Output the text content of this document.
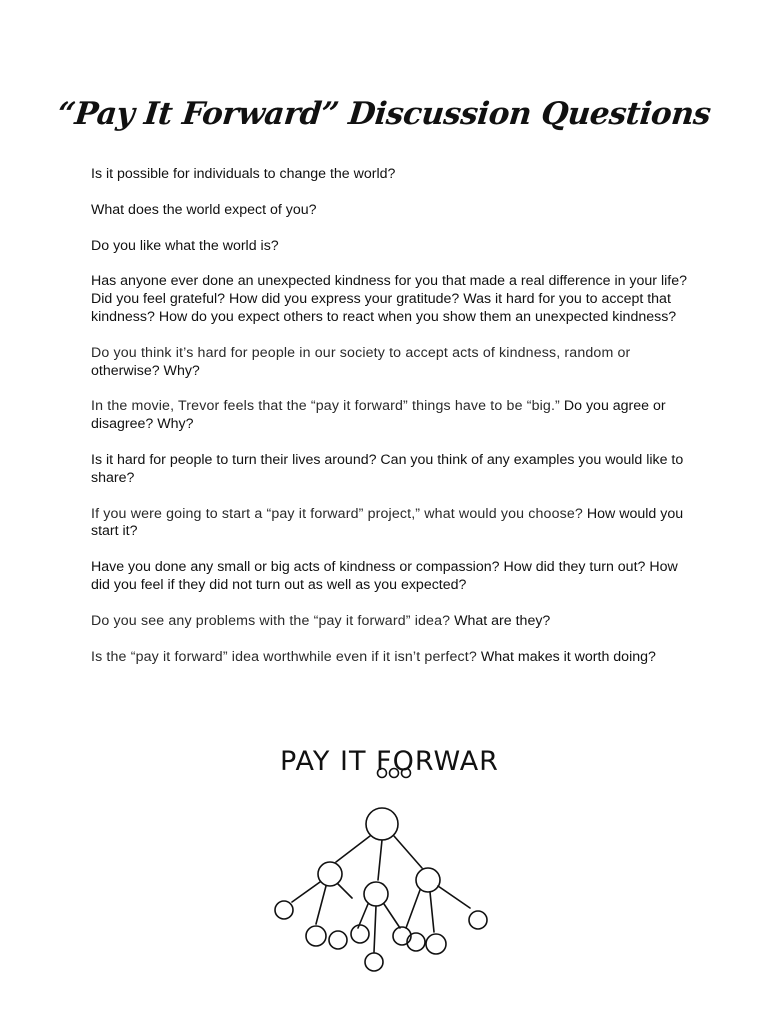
“Pay It Forward” Discussion Questions

Is it possible for individuals to change the world?

What does the world expect of you?

Do you like what the world is?

Has anyone ever done an unexpected kindness for you that made a real difference in your life? Did you feel grateful? How did you express your gratitude? Was it hard for you to accept that kindness? How do you expect others to react when you show them an unexpected kindness?

Do you think it’s hard for people in our society to accept acts of kindness, random or
otherwise? Why?

In the movie, Trevor feels that the “pay it forward” things have to be “big.” Do you agree or disagree? Why?

Is it hard for people to turn their lives around? Can you think of any examples you would like to share?

If you were going to start a “pay it forward” project,” what would you choose? How would you start it?

Have you done any small or big acts of kindness or compassion? How did they turn out? How did you feel if they did not turn out as well as you expected?

Do you see any problems with the “pay it forward” idea? What are they?

Is the “pay it forward” idea worthwhile even if it isn’t perfect? What makes it worth doing?

PAY IT FORWARD
